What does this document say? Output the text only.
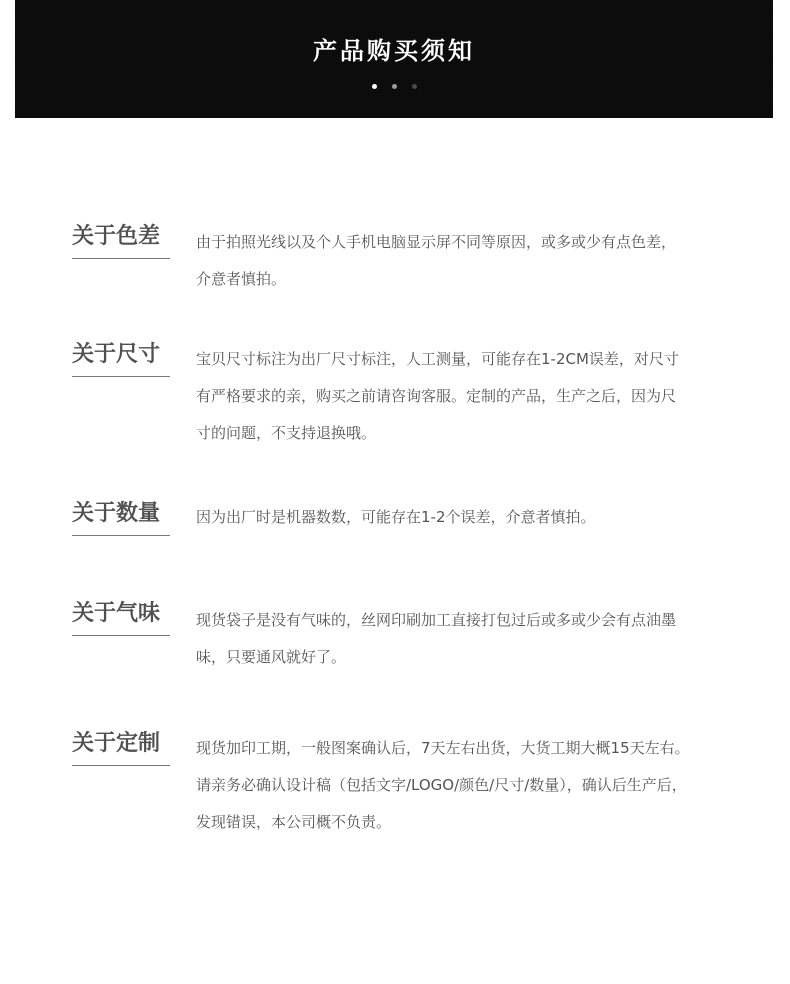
产品购买须知
关于色差	由于拍照光线以及个人手机电脑显示屏不同等原因，或多或少有点色差，

介意者慎拍。

关于尺寸	宝贝尺寸标注为出厂尺寸标注，人工测量，可能存在1-2CM误差，对尺寸

有严格要求的亲，购买之前请咨询客服。定制的产品，生产之后，因为尺

寸的问题，不支持退换哦。

关于数量	因为出厂时是机器数数，可能存在1-2个误差，介意者慎拍。

关于气味	现货袋子是没有气味的，丝网印刷加工直接打包过后或多或少会有点油墨

味，只要通风就好了。

关于定制	现货加印工期，一般图案确认后，7天左右出货，大货工期大概15天左右。

请亲务必确认设计稿（包括文字/LOGO/颜色/尺寸/数量），确认后生产后，

发现错误，本公司概不负责。
